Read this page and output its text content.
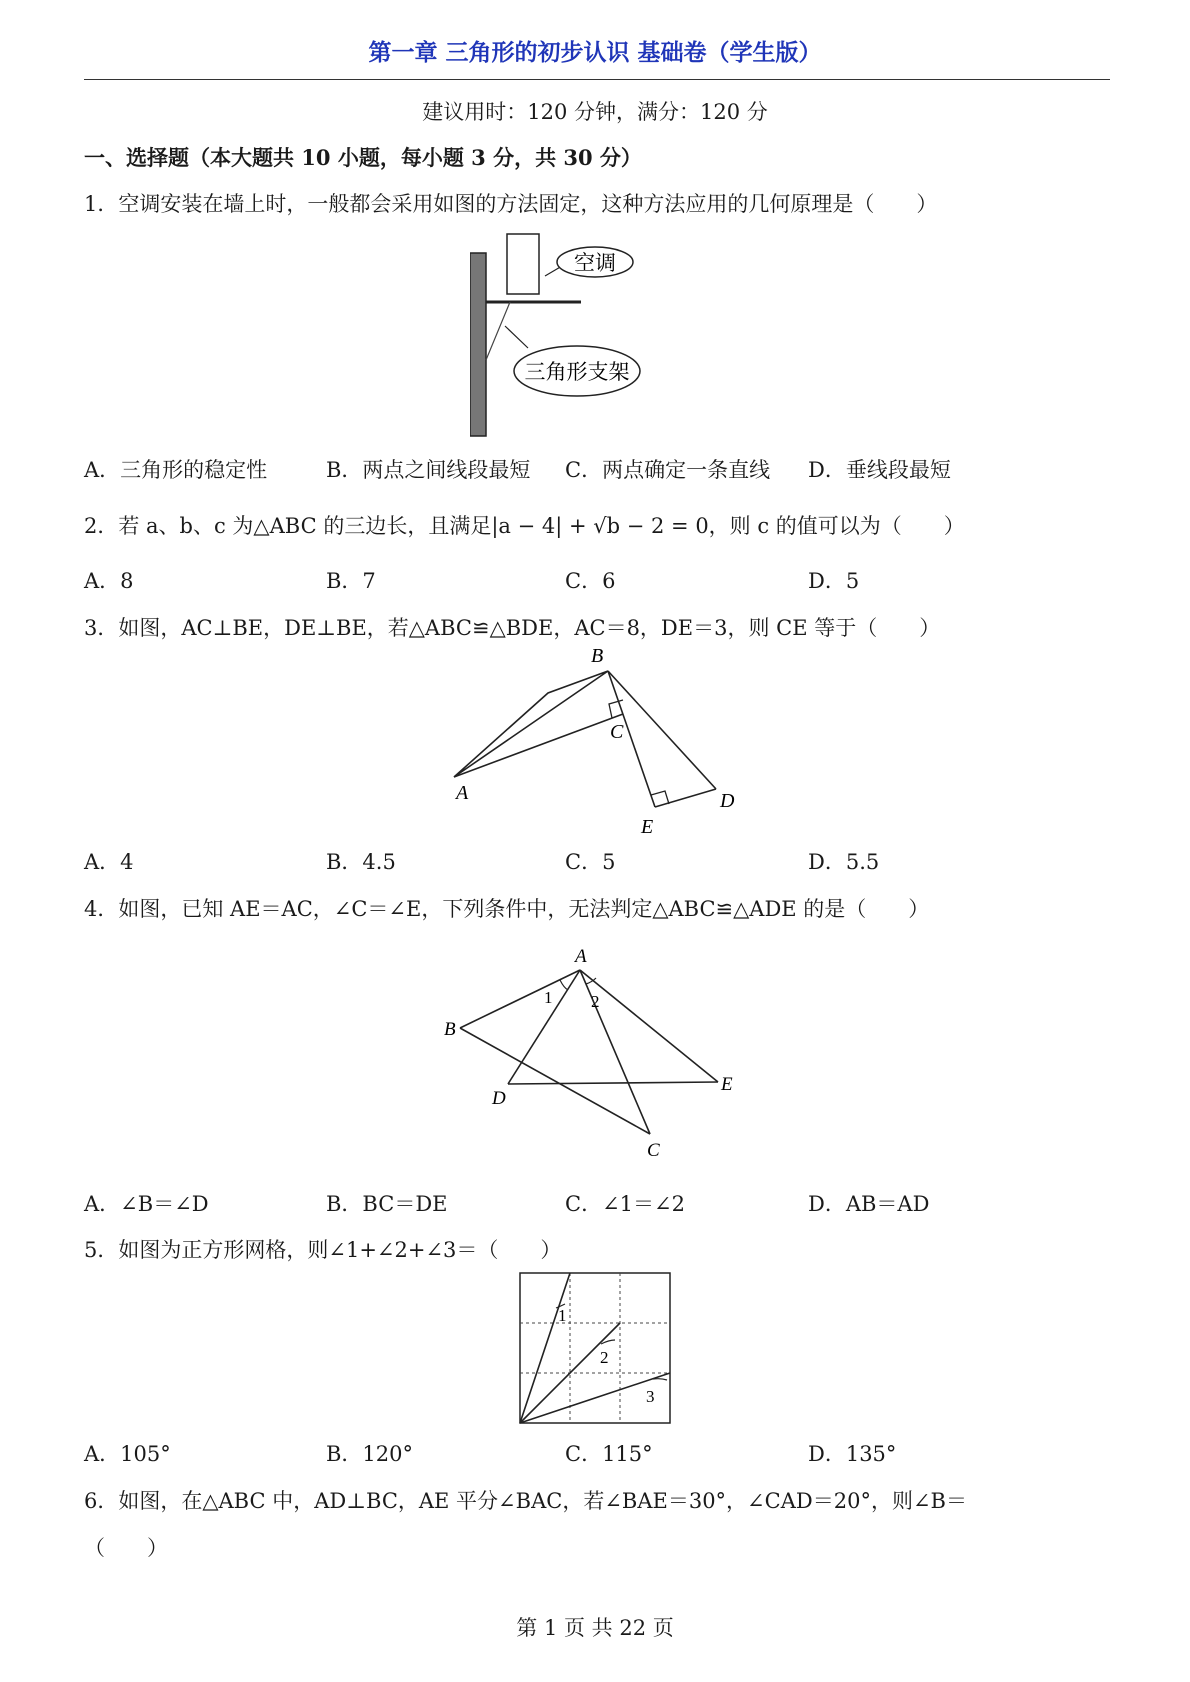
第一章 三角形的初步认识 基础卷（学生版）
建议用时：120 分钟，满分：120 分
一、选择题（本大题共 10 小题，每小题 3 分，共 30 分）
1．空调安装在墙上时，一般都会采用如图的方法固定，这种方法应用的几何原理是（　　）
空调
三角形支架
A．三角形的稳定性	B．两点之间线段最短 C．两点确定一条直线 D．垂线段最短
2．若 a、b、c 为△ABC 的三边长，且满足|a − 4| + √b − 2 = 0，则 c 的值可以为（　　）
A．8	B．7	C．6	D．5
3．如图，AC⊥BE，DE⊥BE，若△ABC≌△BDE，AC＝8，DE＝3，则 CE 等于（　　）
B
C
A	D
E
A．4	B．4.5	C．5	D．5.5
4．如图，已知 AE＝AC，∠C＝∠E，下列条件中，无法判定△ABC≌△ADE 的是（　　）
A
1 2
B
D
E
C
A．∠B＝∠D	B．BC＝DE	C．∠1＝∠2	D．AB＝AD
5．如图为正方形网格，则∠1+∠2+∠3＝（　　）
1
2
3
A．105°	B．120°	C．115°	D．135°
6．如图，在△ABC 中，AD⊥BC，AE 平分∠BAC，若∠BAE＝30°，∠CAD＝20°，则∠B＝
（　　）
第 1 页 共 22 页
